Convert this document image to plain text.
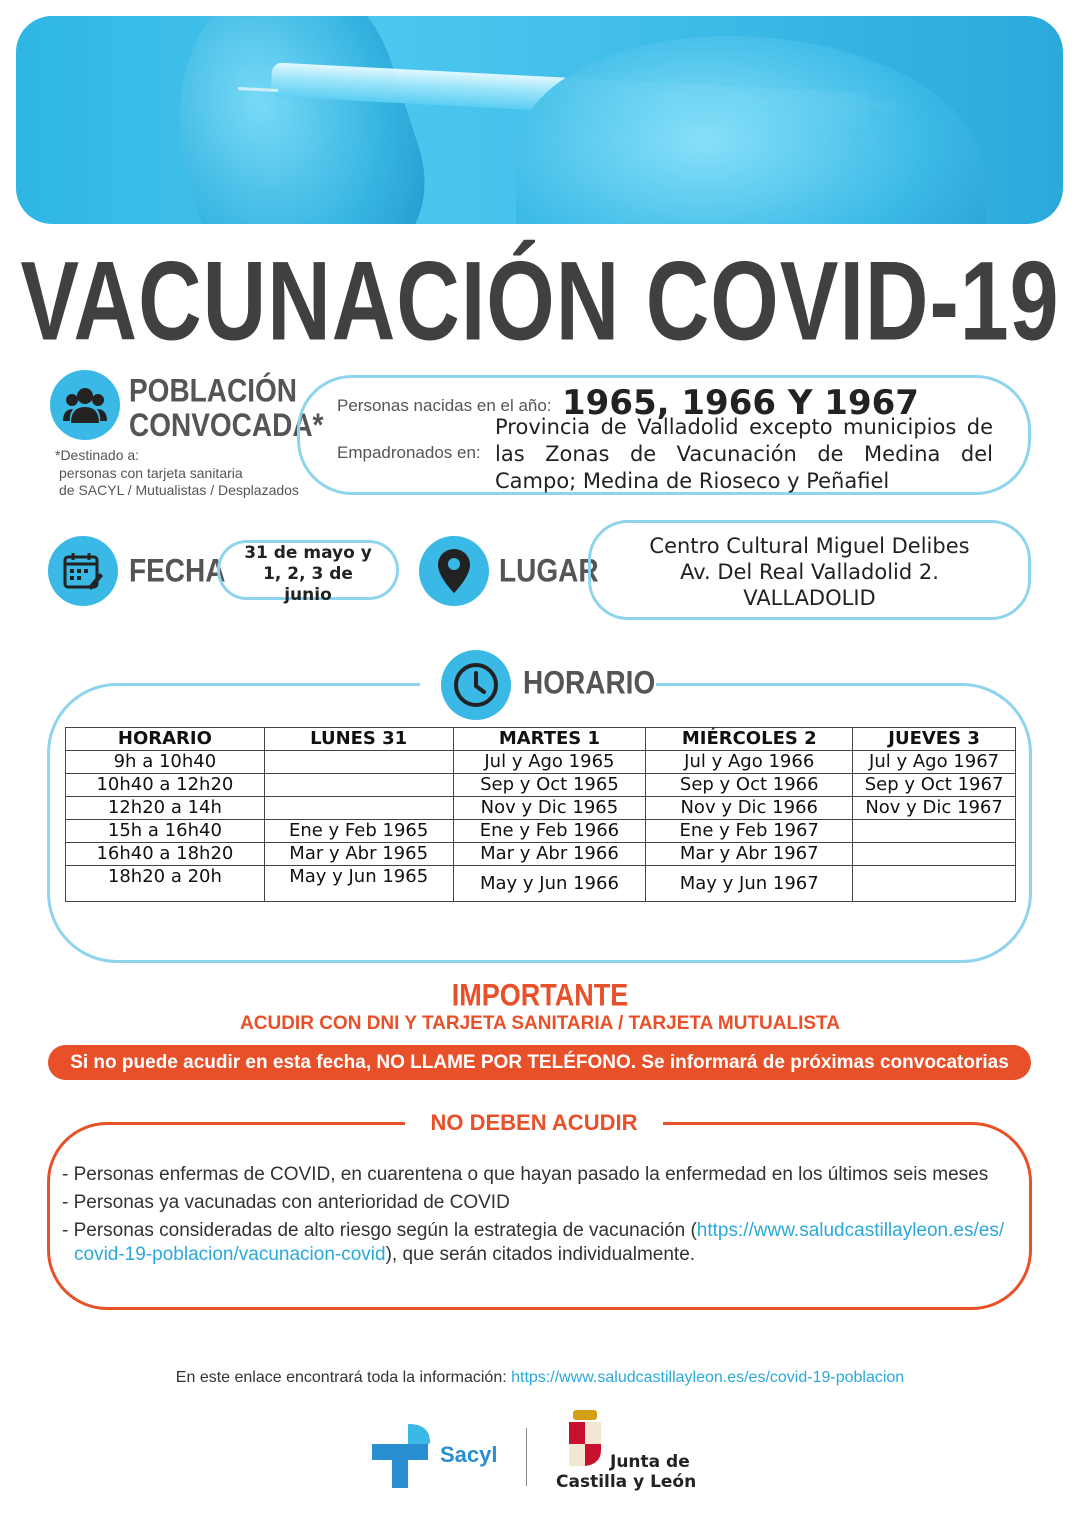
VACUNACIÓN COVID-19
POBLACIÓN
CONVOCADA*
*Destinado a:
personas con tarjeta sanitaria
de SACYL / Mutualistas / Desplazados
Personas nacidas en el año: 1965, 1966 Y 1967
Empadronados en:
Provincia de Valladolid excepto municipios de las Zonas de Vacunación de Medina del Campo; Medina de Rioseco y Peñafiel
FECHA	31 de mayo y
1, 2, 3 de
junio
LUGAR
Centro Cultural Miguel Delibes
Av. Del Real Valladolid 2.
VALLADOLID
HORARIO
HORARIO	LUNES 31	MARTES 1	MIÉRCOLES 2	JUEVES 3
9h a 10h40		Jul y Ago 1965	Jul y Ago 1966	Jul y Ago 1967
10h40 a 12h20		Sep y Oct 1965	Sep y Oct 1966	Sep y Oct 1967
12h20 a 14h		Nov y Dic 1965	Nov y Dic 1966	Nov y Dic 1967
15h a 16h40	Ene y Feb 1965	Ene y Feb 1966	Ene y Feb 1967	
16h40 a 18h20	Mar y Abr 1965	Mar y Abr 1966	Mar y Abr 1967	
18h20 a 20h	May y Jun 1965	May y Jun 1966	May y Jun 1967	
IMPORTANTE
ACUDIR CON DNI Y TARJETA SANITARIA / TARJETA MUTUALISTA
Si no puede acudir en esta fecha, NO LLAME POR TELÉFONO. Se informará de próximas convocatorias
NO DEBEN ACUDIR
- Personas enfermas de COVID, en cuarentena o que hayan pasado la enfermedad en los últimos seis meses
- Personas ya vacunadas con anterioridad de COVID
- Personas consideradas de alto riesgo según la estrategia de vacunación (https://www.saludcastillayleon.es/es/
covid-19-poblacion/vacunacion-covid), que serán citados individualmente.
En este enlace encontrará toda la información: https://www.saludcastillayleon.es/es/covid-19-poblacion
Sacyl	Junta de
Castilla y León
